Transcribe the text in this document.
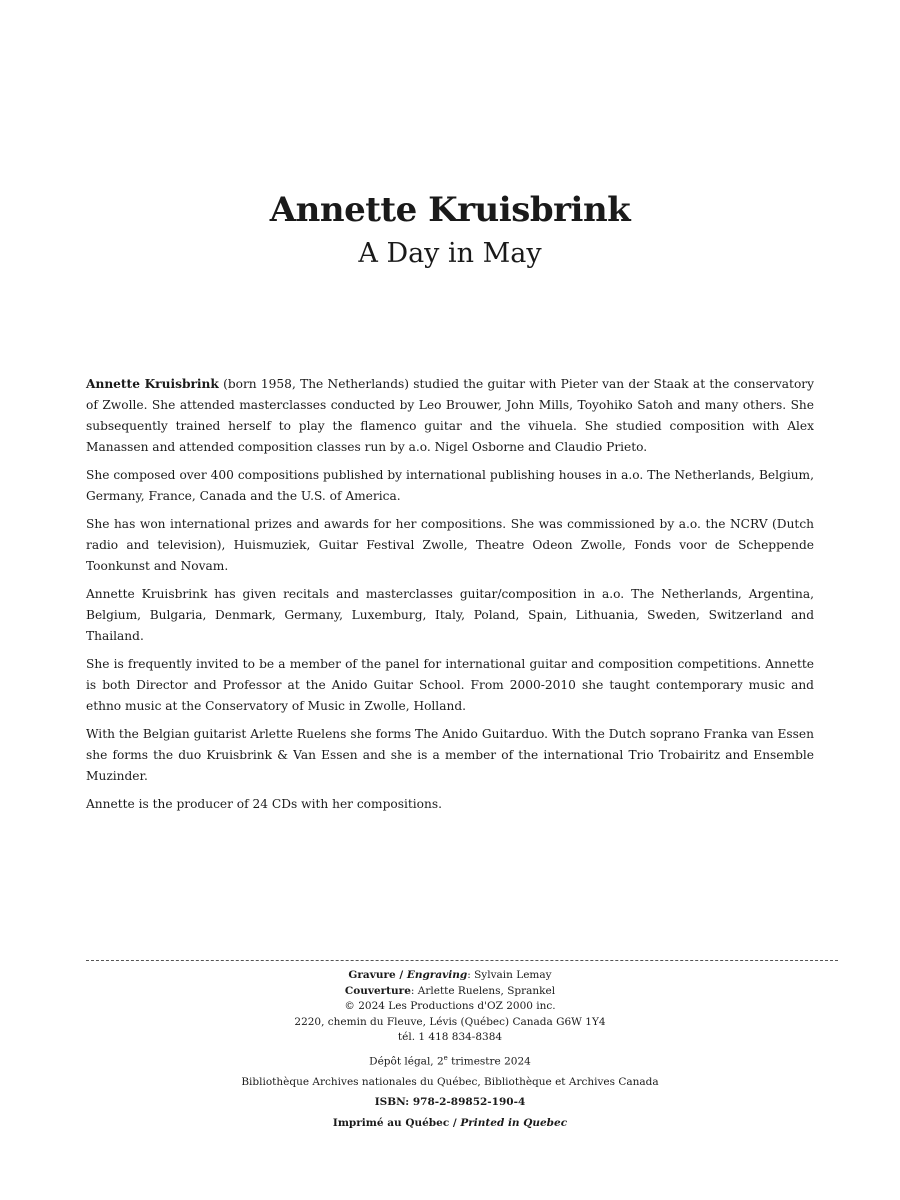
Annette Kruisbrink
A Day in May

Annette Kruisbrink (born 1958, The Netherlands) studied the guitar with Pieter van der Staak at the conservatory of Zwolle. She attended masterclasses conducted by Leo Brouwer, John Mills, Toyohiko Satoh and many others. She subsequently trained herself to play the flamenco guitar and the vihuela. She studied composition with Alex Manassen and attended composition classes run by a.o. Nigel Osborne and Claudio Prieto.

She composed over 400 compositions published by international publishing houses in a.o. The Netherlands, Belgium, Germany, France, Canada and the U.S. of America.

She has won international prizes and awards for her compositions. She was commissioned by a.o. the NCRV (Dutch radio and television), Huismuziek, Guitar Festival Zwolle, Theatre Odeon Zwolle, Fonds voor de Scheppende Toonkunst and Novam.

Annette Kruisbrink has given recitals and masterclasses guitar/composition in a.o. The Netherlands, Argentina, Belgium, Bulgaria, Denmark, Germany, Luxemburg, Italy, Poland, Spain, Lithuania, Sweden, Switzerland and Thailand.

She is frequently invited to be a member of the panel for international guitar and composition competitions. Annette is both Director and Professor at the Anido Guitar School. From 2000-2010 she taught contemporary music and ethno music at the Conservatory of Music in Zwolle, Holland.

With the Belgian guitarist Arlette Ruelens she forms The Anido Guitarduo. With the Dutch soprano Franka van Essen she forms the duo Kruisbrink & Van Essen and she is a member of the international Trio Trobairitz and Ensemble Muzinder.

Annette is the producer of 24 CDs with her compositions.

Gravure / Engraving: Sylvain Lemay
Couverture: Arlette Ruelens, Sprankel
© 2024 Les Productions d'OZ 2000 inc.
2220, chemin du Fleuve, Lévis (Québec) Canada G6W 1Y4
tél. 1 418 834-8384
Dépôt légal, 2e trimestre 2024
Bibliothèque Archives nationales du Québec, Bibliothèque et Archives Canada
ISBN: 978-2-89852-190-4
Imprimé au Québec / Printed in Quebec
